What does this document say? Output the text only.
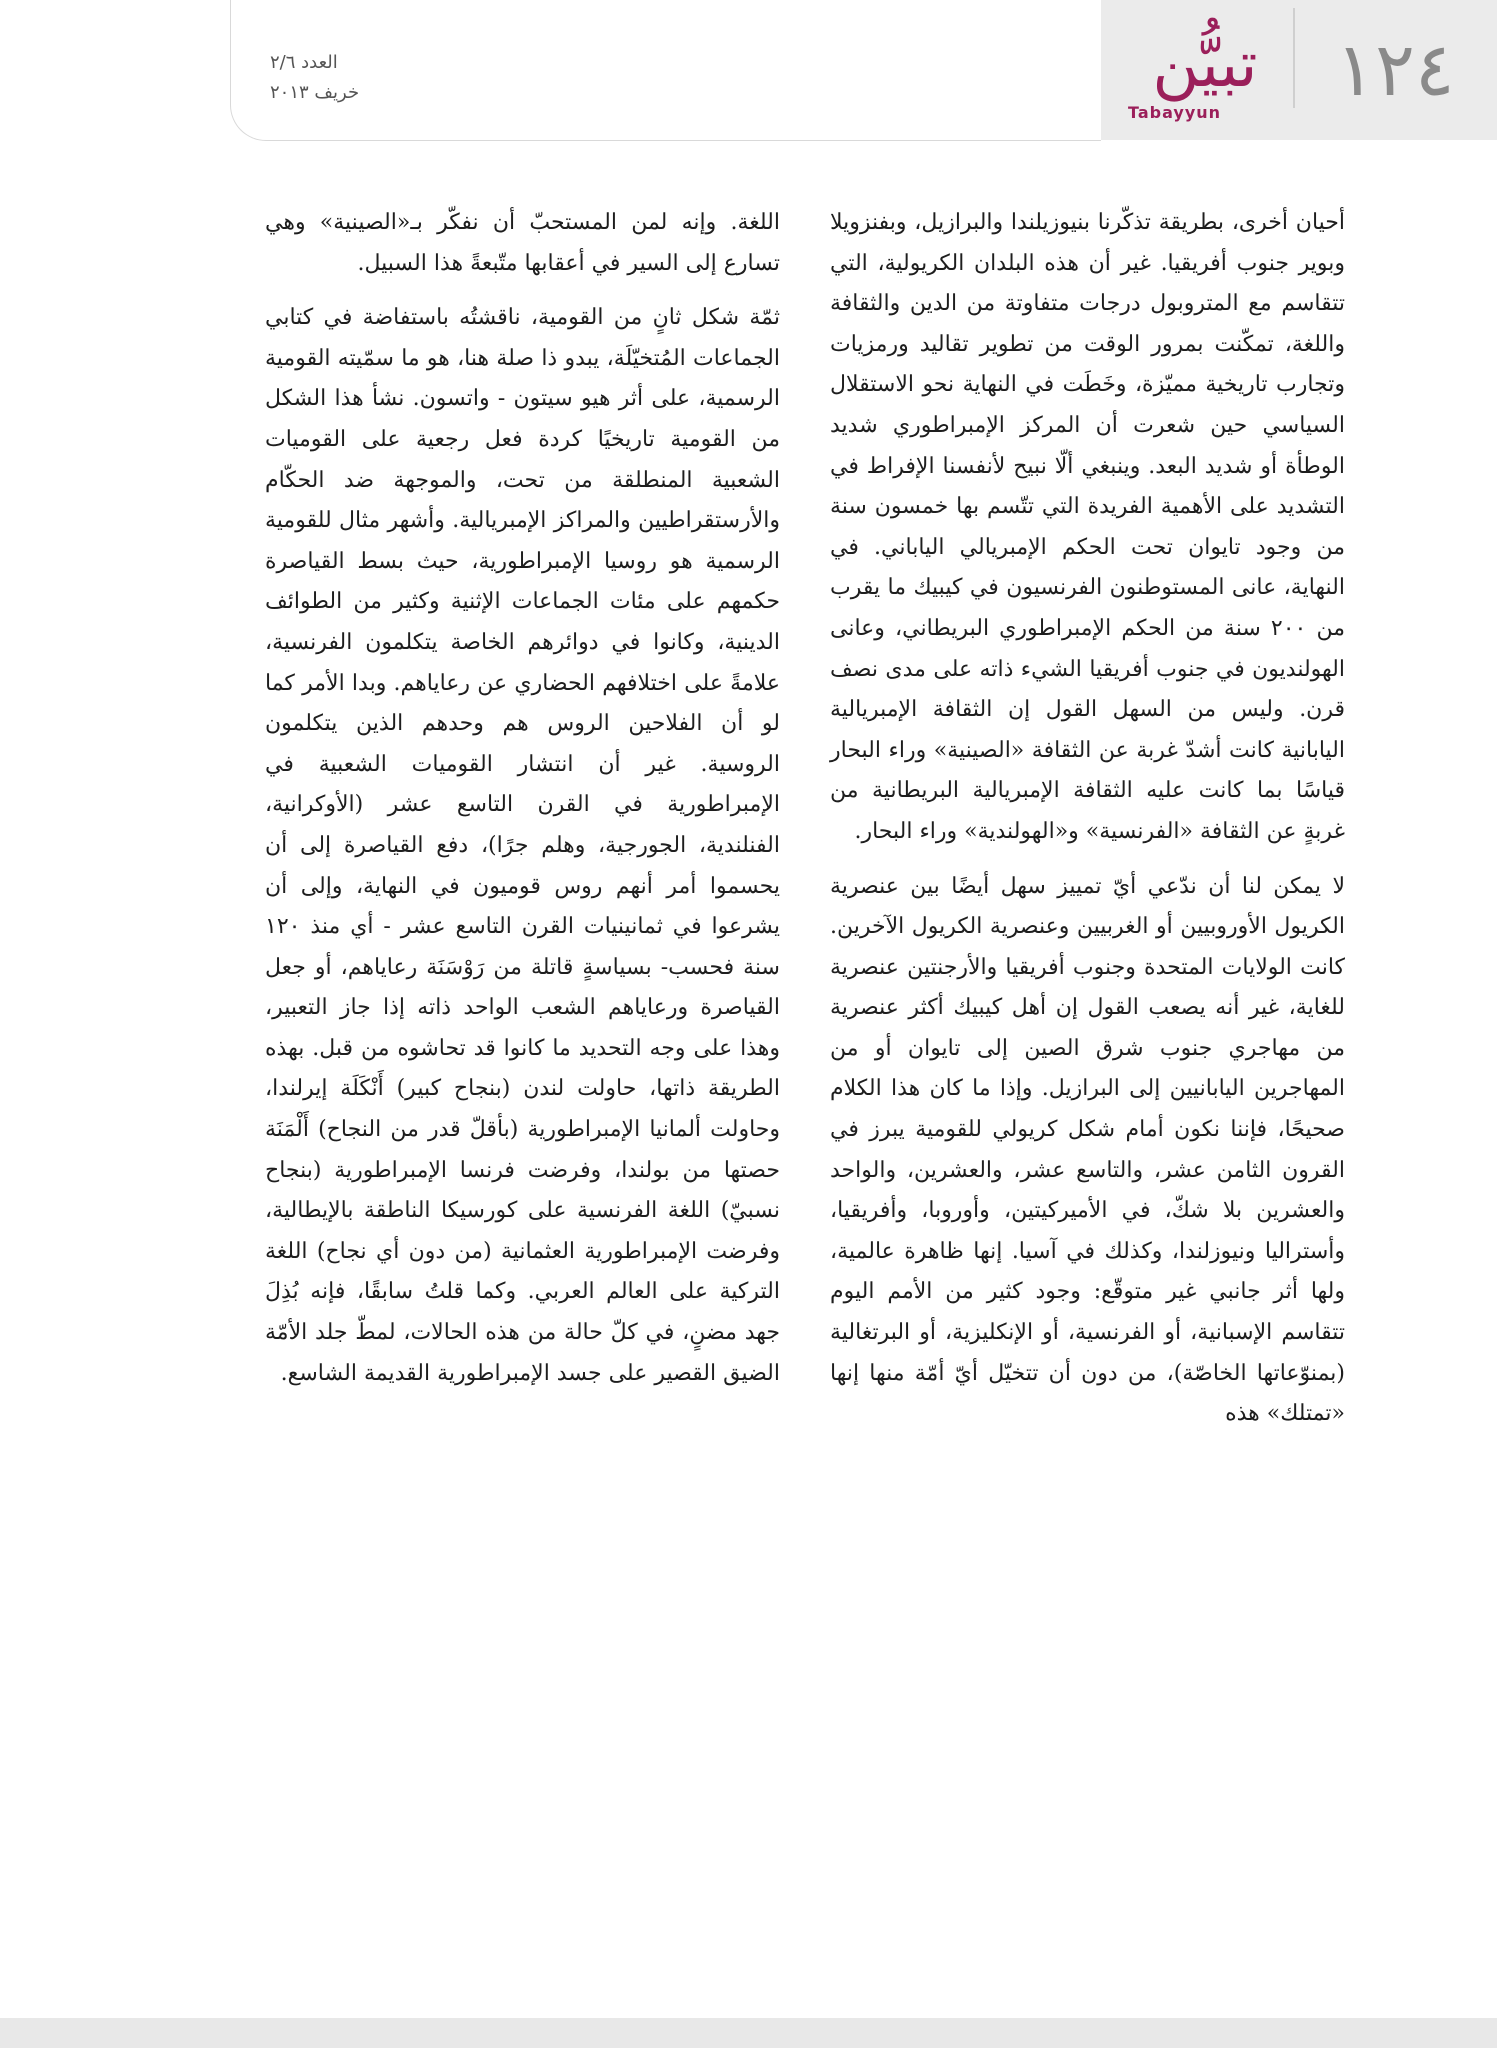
العدد ٢/٦
خريف ٢٠١٣	تبيُّن
Tabayyun	١٢٤

أحيان أخرى، بطريقة تذكّرنا بنيوزيلندا والبرازيل، وبفنزويلا وبوير جنوب أفريقيا. غير أن هذه البلدان الكريولية، التي تتقاسم مع المتروبول درجات متفاوتة من الدين والثقافة واللغة، تمكّنت بمرور الوقت من تطوير تقاليد ورمزيات وتجارب تاريخية مميّزة، وخَطَت في النهاية نحو الاستقلال السياسي حين شعرت أن المركز الإمبراطوري شديد الوطأة أو شديد البعد. وينبغي ألّا نبيح لأنفسنا الإفراط في التشديد على الأهمية الفريدة التي تتّسم بها خمسون سنة من وجود تايوان تحت الحكم الإمبريالي الياباني. في النهاية، عانى المستوطنون الفرنسيون في كيبيك ما يقرب من ٢٠٠ سنة من الحكم الإمبراطوري البريطاني، وعانى الهولنديون في جنوب أفريقيا الشيء ذاته على مدى نصف قرن. وليس من السهل القول إن الثقافة الإمبريالية اليابانية كانت أشدّ غربة عن الثقافة «الصينية» وراء البحار قياسًا بما كانت عليه الثقافة الإمبريالية البريطانية من غربةٍ عن الثقافة «الفرنسية» و«الهولندية» وراء البحار.

لا يمكن لنا أن ندّعي أيّ تمييز سهل أيضًا بين عنصرية الكريول الأوروبيين أو الغربيين وعنصرية الكريول الآخرين. كانت الولايات المتحدة وجنوب أفريقيا والأرجنتين عنصرية للغاية، غير أنه يصعب القول إن أهل كيبيك أكثر عنصرية من مهاجري جنوب شرق الصين إلى تايوان أو من المهاجرين اليابانيين إلى البرازيل. وإذا ما كان هذا الكلام صحيحًا، فإننا نكون أمام شكل كريولي للقومية يبرز في القرون الثامن عشر، والتاسع عشر، والعشرين، والواحد والعشرين بلا شكّ، في الأميركيتين، وأوروبا، وأفريقيا، وأستراليا ونيوزلندا، وكذلك في آسيا. إنها ظاهرة عالمية، ولها أثر جانبي غير متوقّع: وجود كثير من الأمم اليوم تتقاسم الإسبانية، أو الفرنسية، أو الإنكليزية، أو البرتغالية (بمنوّعاتها الخاصّة)، من دون أن تتخيّل أيّ أمّة منها إنها «تمتلك» هذه

اللغة. وإنه لمن المستحبّ أن نفكّر بـ«الصينية» وهي تسارع إلى السير في أعقابها متّبعةً هذا السبيل.

ثمّة شكل ثانٍ من القومية، ناقشتُه باستفاضة في كتابي الجماعات المُتخيّلَة، يبدو ذا صلة هنا، هو ما سمّيته القومية الرسمية، على أثر هيو سيتون - واتسون. نشأ هذا الشكل من القومية تاريخيًا كردة فعل رجعية على القوميات الشعبية المنطلقة من تحت، والموجهة ضد الحكّام والأرستقراطيين والمراكز الإمبريالية. وأشهر مثال للقومية الرسمية هو روسيا الإمبراطورية، حيث بسط القياصرة حكمهم على مئات الجماعات الإثنية وكثير من الطوائف الدينية، وكانوا في دوائرهم الخاصة يتكلمون الفرنسية، علامةً على اختلافهم الحضاري عن رعاياهم. وبدا الأمر كما لو أن الفلاحين الروس هم وحدهم الذين يتكلمون الروسية. غير أن انتشار القوميات الشعبية في الإمبراطورية في القرن التاسع عشر (الأوكرانية، الفنلندية، الجورجية، وهلم جرًا)، دفع القياصرة إلى أن يحسموا أمر أنهم روس قوميون في النهاية، وإلى أن يشرعوا في ثمانينيات القرن التاسع عشر - أي منذ ١٢٠ سنة فحسب- بسياسةٍ قاتلة من رَوْسَنَة رعاياهم، أو جعل القياصرة ورعاياهم الشعب الواحد ذاته إذا جاز التعبير، وهذا على وجه التحديد ما كانوا قد تحاشوه من قبل. بهذه الطريقة ذاتها، حاولت لندن (بنجاح كبير) أَنْكَلَة إيرلندا، وحاولت ألمانيا الإمبراطورية (بأقلّ قدر من النجاح) أَلْمَنَة حصتها من بولندا، وفرضت فرنسا الإمبراطورية (بنجاح نسبيّ) اللغة الفرنسية على كورسيكا الناطقة بالإيطالية، وفرضت الإمبراطورية العثمانية (من دون أي نجاح) اللغة التركية على العالم العربي. وكما قلتُ سابقًا، فإنه بُذِلَ جهد مضنٍ، في كلّ حالة من هذه الحالات، لمطّ جلد الأمّة الضيق القصير على جسد الإمبراطورية القديمة الشاسع.
